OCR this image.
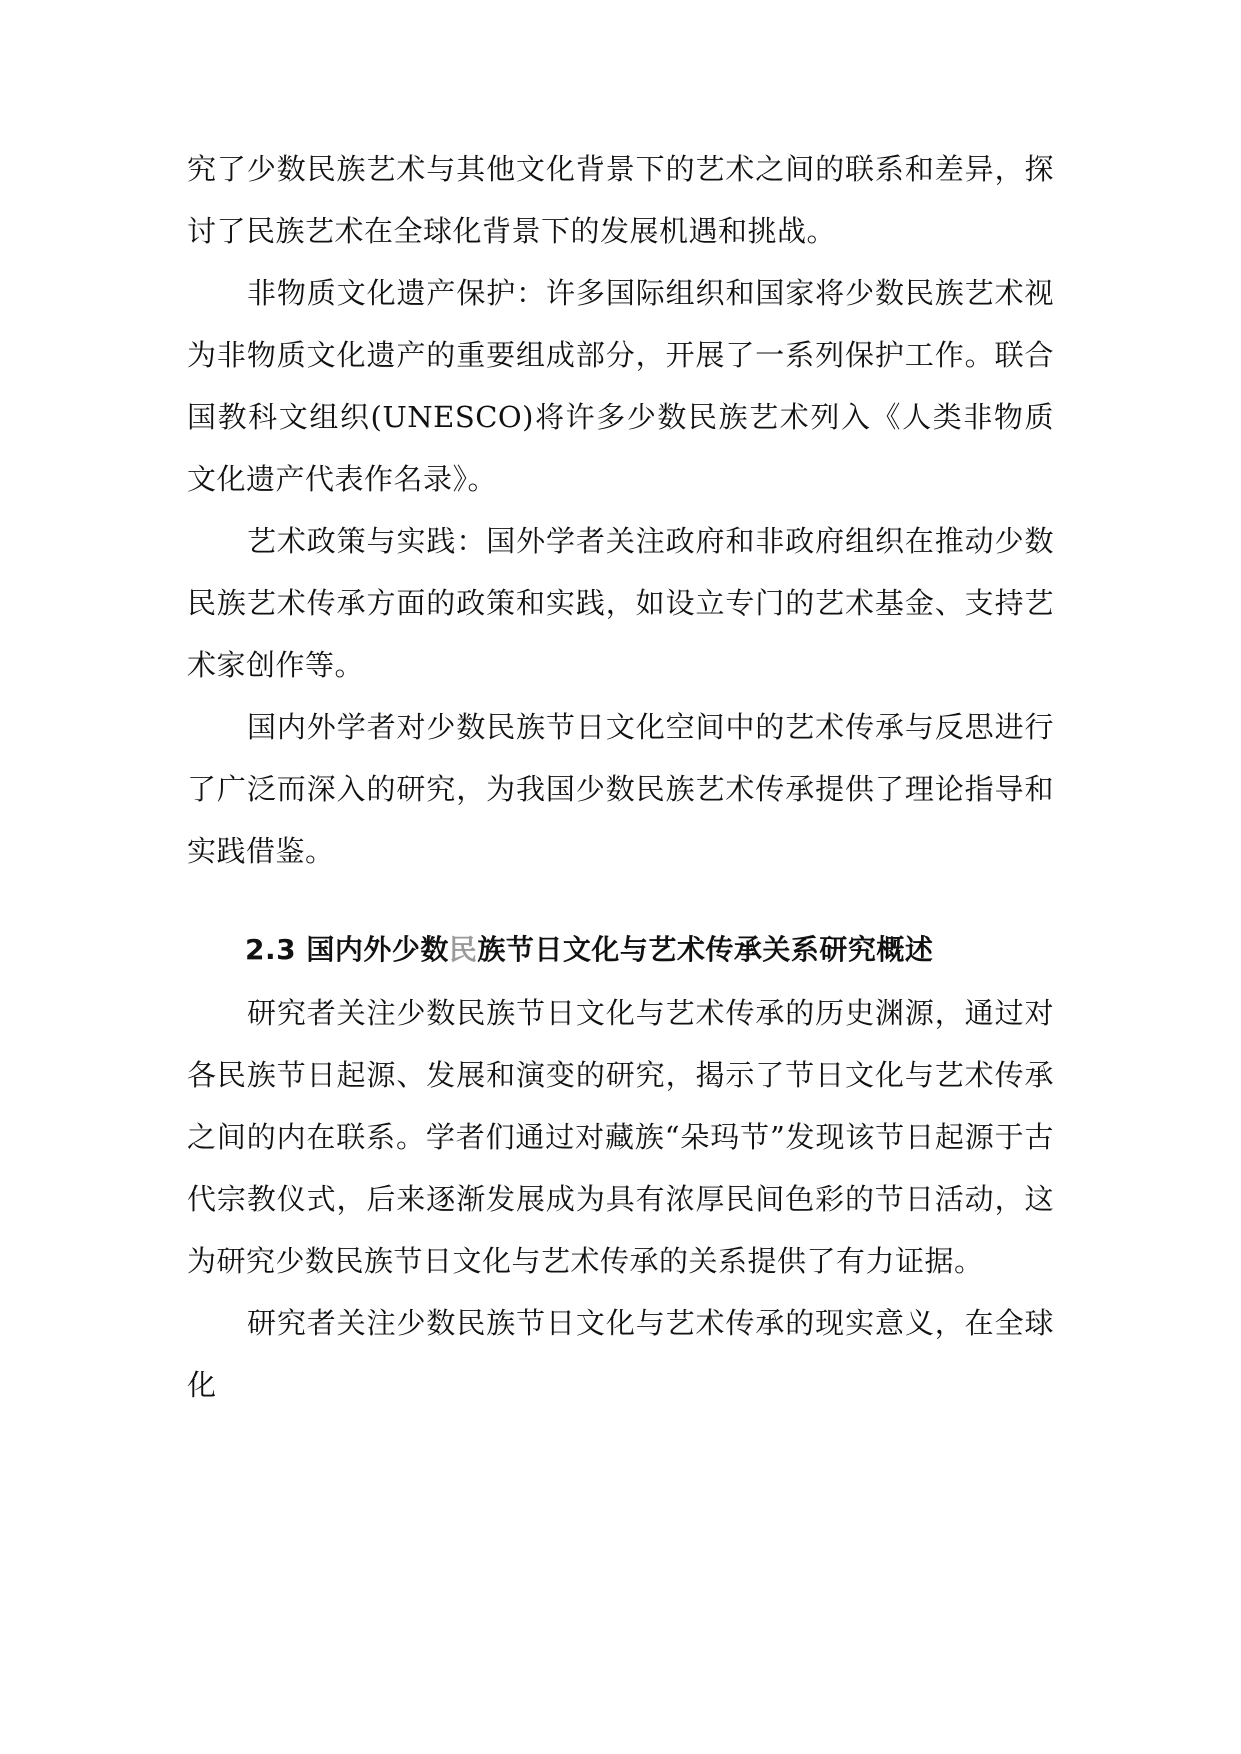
究了少数民族艺术与其他文化背景下的艺术之间的联系和差异，探讨了民族艺术在全球化背景下的发展机遇和挑战。

非物质文化遗产保护：许多国际组织和国家将少数民族艺术视为非物质文化遗产的重要组成部分，开展了一系列保护工作。联合国教科文组织(UNESCO)将许多少数民族艺术列入《人类非物质文化遗产代表作名录》。

艺术政策与实践：国外学者关注政府和非政府组织在推动少数民族艺术传承方面的政策和实践，如设立专门的艺术基金、支持艺术家创作等。

国内外学者对少数民族节日文化空间中的艺术传承与反思进行了广泛而深入的研究，为我国少数民族艺术传承提供了理论指导和实践借鉴。

2.3 国内外少数民族节日文化与艺术传承关系研究概述

研究者关注少数民族节日文化与艺术传承的历史渊源，通过对各民族节日起源、发展和演变的研究，揭示了节日文化与艺术传承之间的内在联系。学者们通过对藏族“朵玛节”发现该节日起源于古代宗教仪式，后来逐渐发展成为具有浓厚民间色彩的节日活动，这为研究少数民族节日文化与艺术传承的关系提供了有力证据。

研究者关注少数民族节日文化与艺术传承的现实意义，在全球化
